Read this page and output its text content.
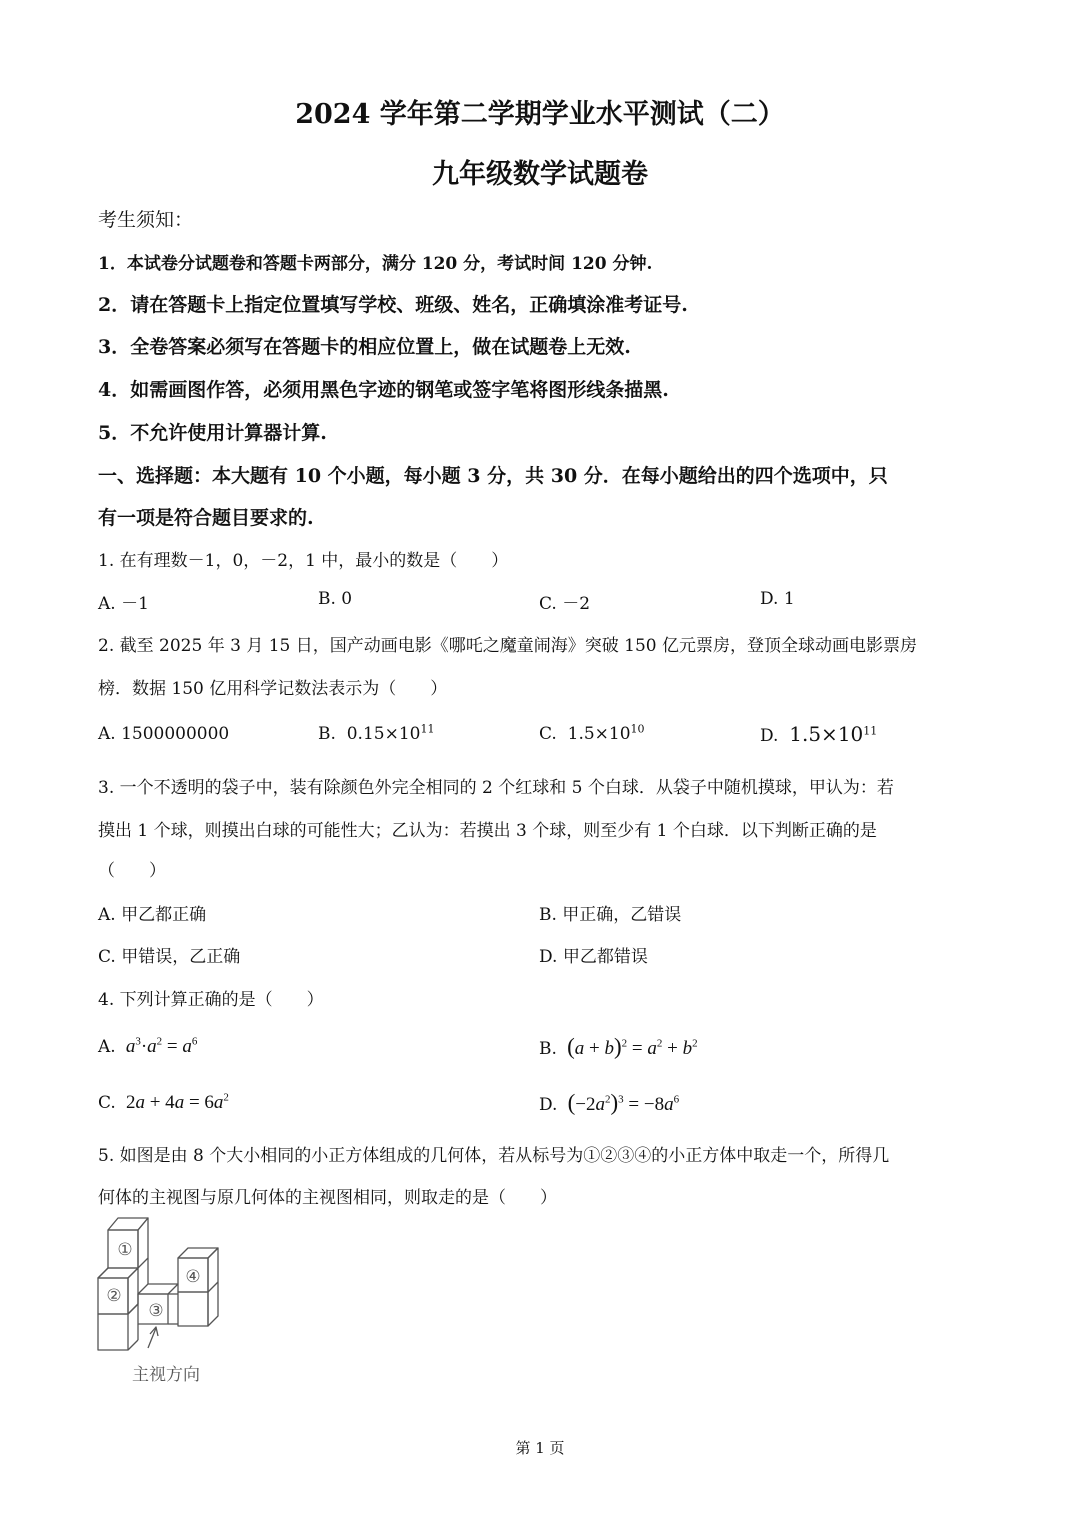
2024 学年第二学期学业水平测试（二）
九年级数学试题卷
考生须知：
1．本试卷分试题卷和答题卡两部分，满分 120 分，考试时间 120 分钟.
2．请在答题卡上指定位置填写学校、班级、姓名，正确填涂准考证号.
3．全卷答案必须写在答题卡的相应位置上，做在试题卷上无效.
4．如需画图作答，必须用黑色字迹的钢笔或签字笔将图形线条描黑.
5．不允许使用计算器计算.
一、选择题：本大题有 10 个小题，每小题 3 分，共 30 分．在每小题给出的四个选项中，只
有一项是符合题目要求的.
1. 在有理数－1，0，－2，1 中，最小的数是（　　）
A. －1	B. 0	C. －2	D. 1
2. 截至 2025 年 3 月 15 日，国产动画电影《哪吒之魔童闹海》突破 150 亿元票房，登顶全球动画电影票房
榜．数据 150 亿用科学记数法表示为（　　）
A. 1500000000	B. $0.15\times 10^{11}$	C. $1.5\times 10^{10}$	D. $1.5\times 10^{11}$
3. 一个不透明的袋子中，装有除颜色外完全相同的 2 个红球和 5 个白球．从袋子中随机摸球，甲认为：若
摸出 1 个球，则摸出白球的可能性大；乙认为：若摸出 3 个球，则至少有 1 个白球．以下判断正确的是
（　　）
A. 甲乙都正确	B. 甲正确，乙错误
C. 甲错误，乙正确	D. 甲乙都错误
4. 下列计算正确的是（　　）
A.  $a^3\cdot a^2 = a^6$	B. $(a + b)^2 = a^2 + b^2$
C. $2a + 4a = 6a^2$	D. $(-2a^2)^3 = -8a^6$
5. 如图是由 8 个大小相同的小正方体组成的几何体，若从标号为①②③④的小正方体中取走一个，所得几
何体的主视图与原几何体的主视图相同，则取走的是（　　）
①
②
③
④
主视方向
第 1 页
